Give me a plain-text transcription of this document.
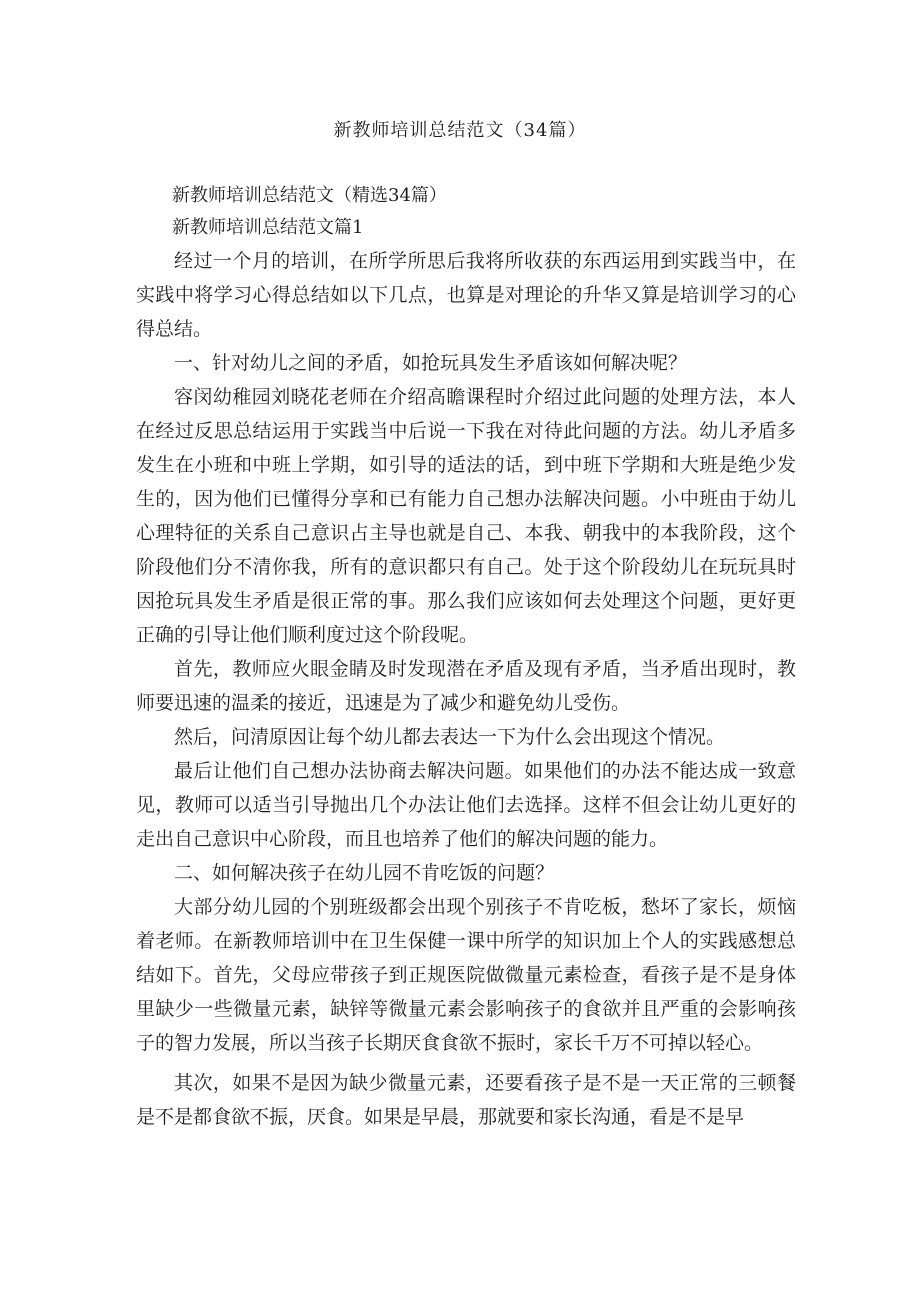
新教师培训总结范文（34篇）

新教师培训总结范文（精选34篇）

新教师培训总结范文篇1

经过一个月的培训，在所学所思后我将所收获的东西运用到实践当中，在实践中将学习心得总结如以下几点，也算是对理论的升华又算是培训学习的心得总结。

一、针对幼儿之间的矛盾，如抢玩具发生矛盾该如何解决呢？

容闵幼稚园刘晓花老师在介绍高瞻课程时介绍过此问题的处理方法，本人在经过反思总结运用于实践当中后说一下我在对待此问题的方法。幼儿矛盾多发生在小班和中班上学期，如引导的适法的话，到中班下学期和大班是绝少发生的，因为他们已懂得分享和已有能力自己想办法解决问题。小中班由于幼儿心理特征的关系自己意识占主导也就是自己、本我、朝我中的本我阶段，这个阶段他们分不清你我，所有的意识都只有自己。处于这个阶段幼儿在玩玩具时因抢玩具发生矛盾是很正常的事。那么我们应该如何去处理这个问题，更好更正确的引导让他们顺利度过这个阶段呢。

首先，教师应火眼金睛及时发现潜在矛盾及现有矛盾，当矛盾出现时，教师要迅速的温柔的接近，迅速是为了减少和避免幼儿受伤。

然后，问清原因让每个幼儿都去表达一下为什么会出现这个情况。

最后让他们自己想办法协商去解决问题。如果他们的办法不能达成一致意见，教师可以适当引导抛出几个办法让他们去选择。这样不但会让幼儿更好的走出自己意识中心阶段，而且也培养了他们的解决问题的能力。

二、如何解决孩子在幼儿园不肯吃饭的问题？

大部分幼儿园的个别班级都会出现个别孩子不肯吃板，愁坏了家长，烦恼着老师。在新教师培训中在卫生保健一课中所学的知识加上个人的实践感想总结如下。首先，父母应带孩子到正规医院做微量元素检查，看孩子是不是身体里缺少一些微量元素，缺锌等微量元素会影响孩子的食欲并且严重的会影响孩子的智力发展，所以当孩子长期厌食食欲不振时，家长千万不可掉以轻心。

其次，如果不是因为缺少微量元素，还要看孩子是不是一天正常的三顿餐是不是都食欲不振，厌食。如果是早晨，那就要和家长沟通，看是不是早
